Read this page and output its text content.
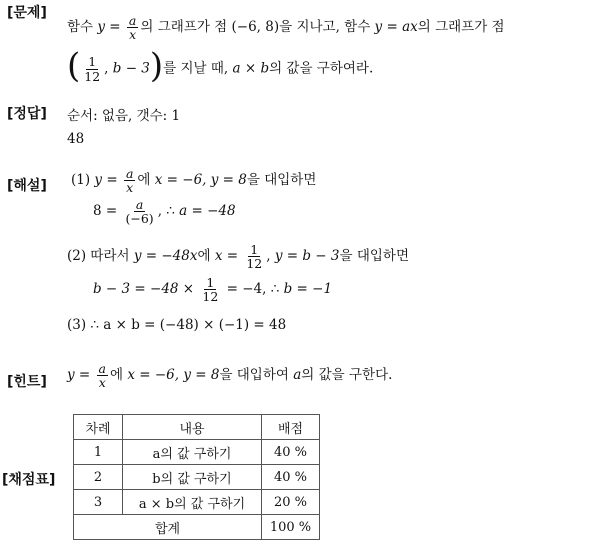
[문제]
함수 $y = \frac{a}{x}$ 의 그래프가 점 (−6, 8)을 지나고, 함수 y = ax의 그래프가 점
( $\frac{1}{12}$ , b − 3)를 지날 때, a × b의 값을 구하여라.
[정답] 순서: 없음, 갯수: 1
48
[해설] (1) $y = \frac{a}{x}$ 에 x = −6, y = 8을 대입하면
$8 = \frac{a}{(-6)}$ , ∴ a = −48
(2) 따라서 y = −48x에 $x = \frac{1}{12}$ , y = b − 3을 대입하면
$b - 3 = -48 \times \frac{1}{12} = -4$, ∴ b = −1
(3) ∴ a × b = (−48) × (−1) = 48
[힌트] $y = \frac{a}{x}$ 에 x = −6, y = 8을 대입하여 a의 값을 구한다.
[채점표]
차례	내용	배점
1	a의 값 구하기	40 %
2	b의 값 구하기	40 %
3	a × b의 값 구하기	20 %
합계		100 %
